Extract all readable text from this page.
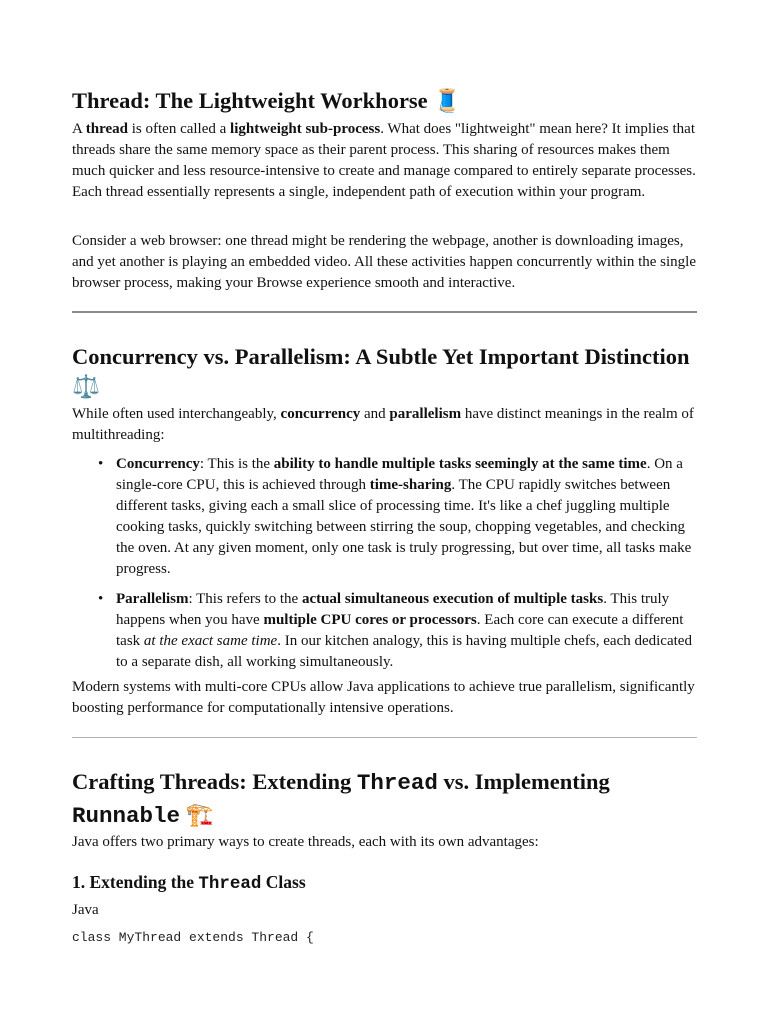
Thread: The Lightweight Workhorse 🧵

A thread is often called a lightweight sub-process. What does "lightweight" mean here? It implies that threads share the same memory space as their parent process. This sharing of resources makes them much quicker and less resource-intensive to create and manage compared to entirely separate processes. Each thread essentially represents a single, independent path of execution within your program.

Consider a web browser: one thread might be rendering the webpage, another is downloading images, and yet another is playing an embedded video. All these activities happen concurrently within the single browser process, making your Browse experience smooth and interactive.

Concurrency vs. Parallelism: A Subtle Yet Important Distinction
⚖️

While often used interchangeably, concurrency and parallelism have distinct meanings in the realm of multithreading:

• Concurrency: This is the ability to handle multiple tasks seemingly at the same time. On a single-core CPU, this is achieved through time-sharing. The CPU rapidly switches between different tasks, giving each a small slice of processing time. It's like a chef juggling multiple cooking tasks, quickly switching between stirring the soup, chopping vegetables, and checking the oven. At any given moment, only one task is truly progressing, but over time, all tasks make progress.
• Parallelism: This refers to the actual simultaneous execution of multiple tasks. This truly happens when you have multiple CPU cores or processors. Each core can execute a different task at the exact same time. In our kitchen analogy, this is having multiple chefs, each dedicated to a separate dish, all working simultaneously.

Modern systems with multi-core CPUs allow Java applications to achieve true parallelism, significantly boosting performance for computationally intensive operations.

Crafting Threads: Extending Thread vs. Implementing
Runnable 🏗️

Java offers two primary ways to create threads, each with its own advantages:

1. Extending the Thread Class

Java

class MyThread extends Thread {
